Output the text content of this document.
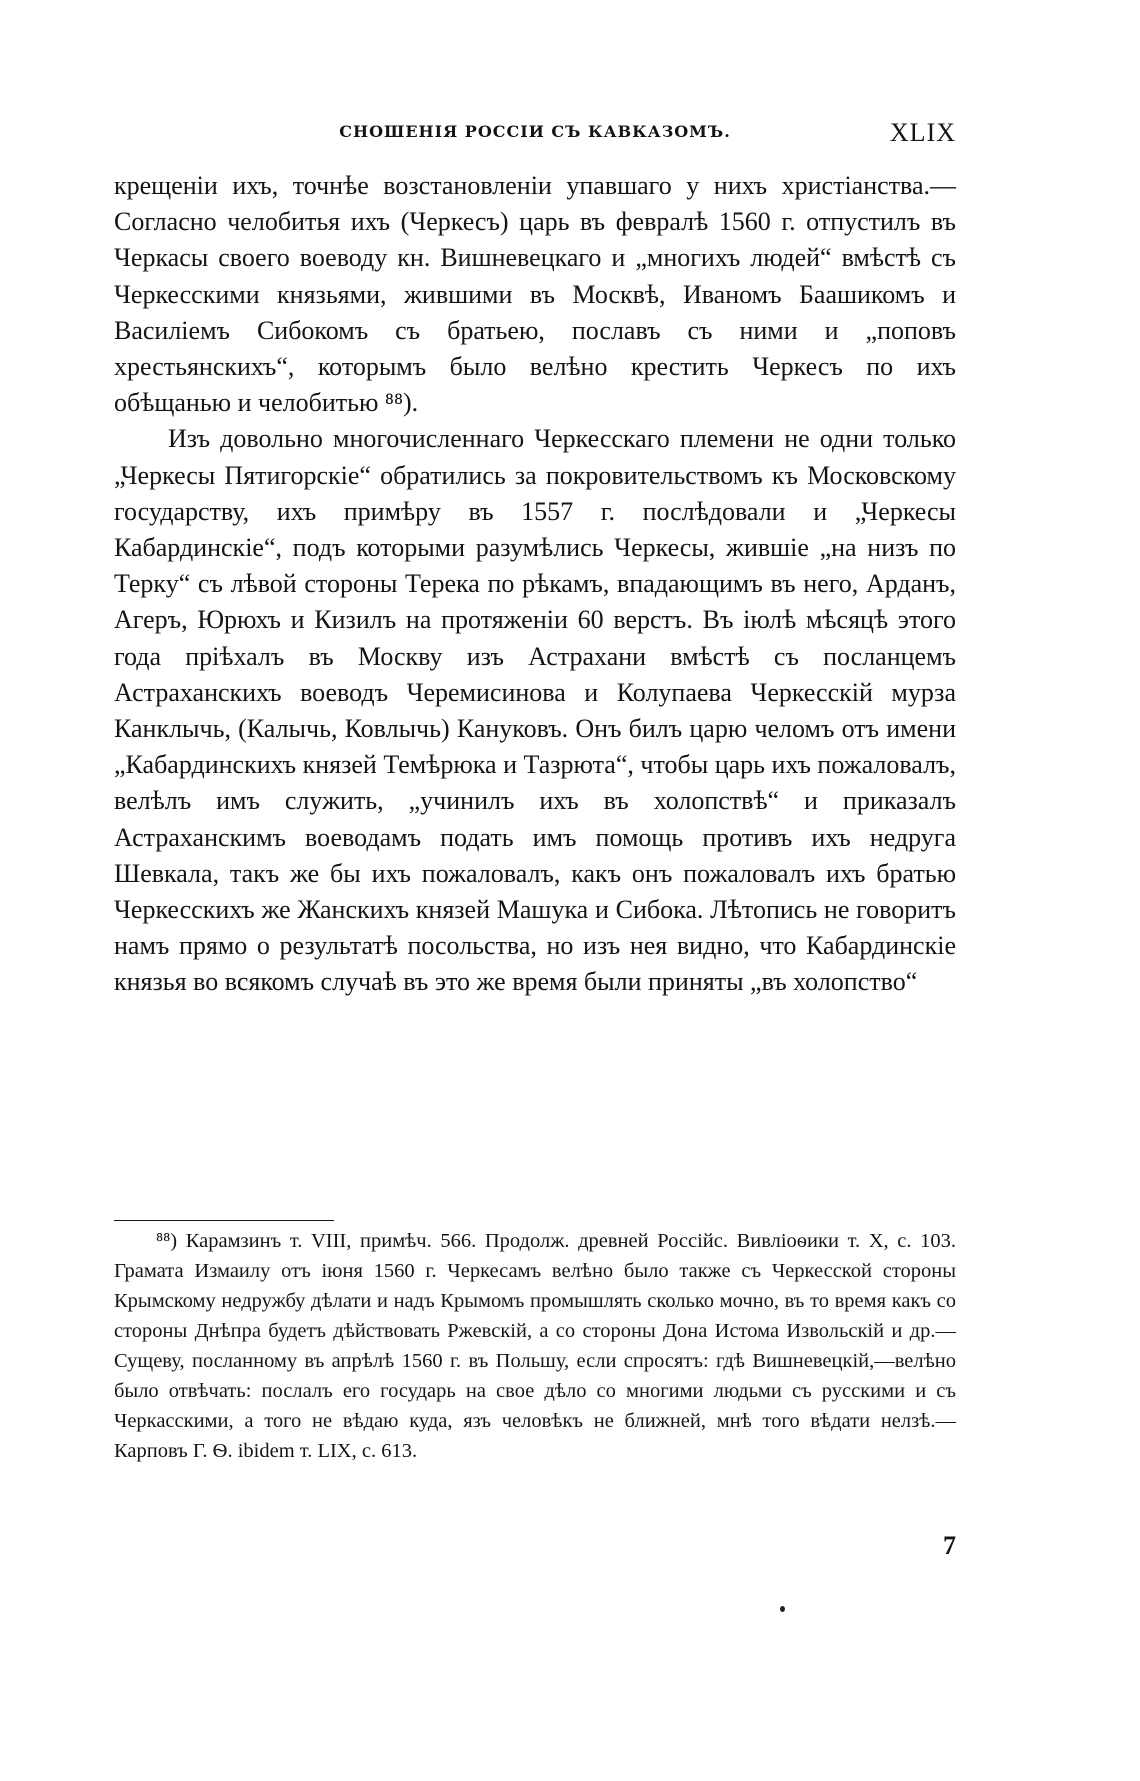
СНОШЕНІЯ РОССІИ СЪ КАВКАЗОМЪ.	XLIX

крещеніи ихъ, точнѣе возстановленіи упавшаго у нихъ христіанства.—Согласно челобитья ихъ (Черкесъ) царь въ февралѣ 1560 г. отпустилъ въ Черкасы своего воеводу кн. Вишневецкаго и „многихъ людей“ вмѣстѣ съ Черкесскими князьями, жившими въ Москвѣ, Иваномъ Баашикомъ и Василіемъ Сибокомъ съ братьею, пославъ съ ними и „поповъ хрестьянскихъ“, которымъ было велѣно крестить Черкесъ по ихъ обѣщанью и челобитью ⁸⁸).

Изъ довольно многочисленнаго Черкесскаго племени не одни только „Черкесы Пятигорскіе“ обратились за покровительствомъ къ Московскому государству, ихъ примѣру въ 1557 г. послѣдовали и „Черкесы Кабардинскіе“, подъ которыми разумѣлись Черкесы, жившіе „на низъ по Терку“ съ лѣвой стороны Терека по рѣкамъ, впадающимъ въ него, Арданъ, Агеръ, Юрюхъ и Кизилъ на протяженіи 60 верстъ. Въ іюлѣ мѣсяцѣ этого года пріѣхалъ въ Москву изъ Астрахани вмѣстѣ съ посланцемъ Астраханскихъ воеводъ Черемисинова и Колупаева Черкесскій мурза Канклычь, (Калычь, Ковлычь) Кануковъ. Онъ билъ царю челомъ отъ имени „Кабардинскихъ князей Темѣрюка и Тазрюта“, чтобы царь ихъ пожаловалъ, велѣлъ имъ служить, „учинилъ ихъ въ холопствѣ“ и приказалъ Астраханскимъ воеводамъ подать имъ помощь противъ ихъ недруга Шевкала, такъ же бы ихъ пожаловалъ, какъ онъ пожаловалъ ихъ братью Черкесскихъ же Жанскихъ князей Машука и Сибока. Лѣтопись не говоритъ намъ прямо о результатѣ посольства, но изъ нея видно, что Кабардинскіе князья во всякомъ случаѣ въ это же время были приняты „въ холопство“

⁸⁸) Карамзинъ т. VIII, примѣч. 566. Продолж. древней Россійс. Вивліоѳики т. X, с. 103. Грамата Измаилу отъ іюня 1560 г. Черкесамъ велѣно было также съ Черкесской стороны Крымскому недружбу дѣлати и надъ Крымомъ промышлять сколько мочно, въ то время какъ со стороны Днѣпра будетъ дѣйствовать Ржевскій, а со стороны Дона Истома Извольскій и др.—Сущеву, посланному въ апрѣлѣ 1560 г. въ Польшу, если спросятъ: гдѣ Вишневецкій,—велѣно было отвѣчать: послалъ его государь на свое дѣло со многими людьми съ русскими и съ Черкасскими, а того не вѣдаю куда, язъ человѣкъ не ближней, мнѣ того вѣдати нелзѣ.—Карповъ Г. Ѳ. ibidem т. LIX, с. 613.

7
